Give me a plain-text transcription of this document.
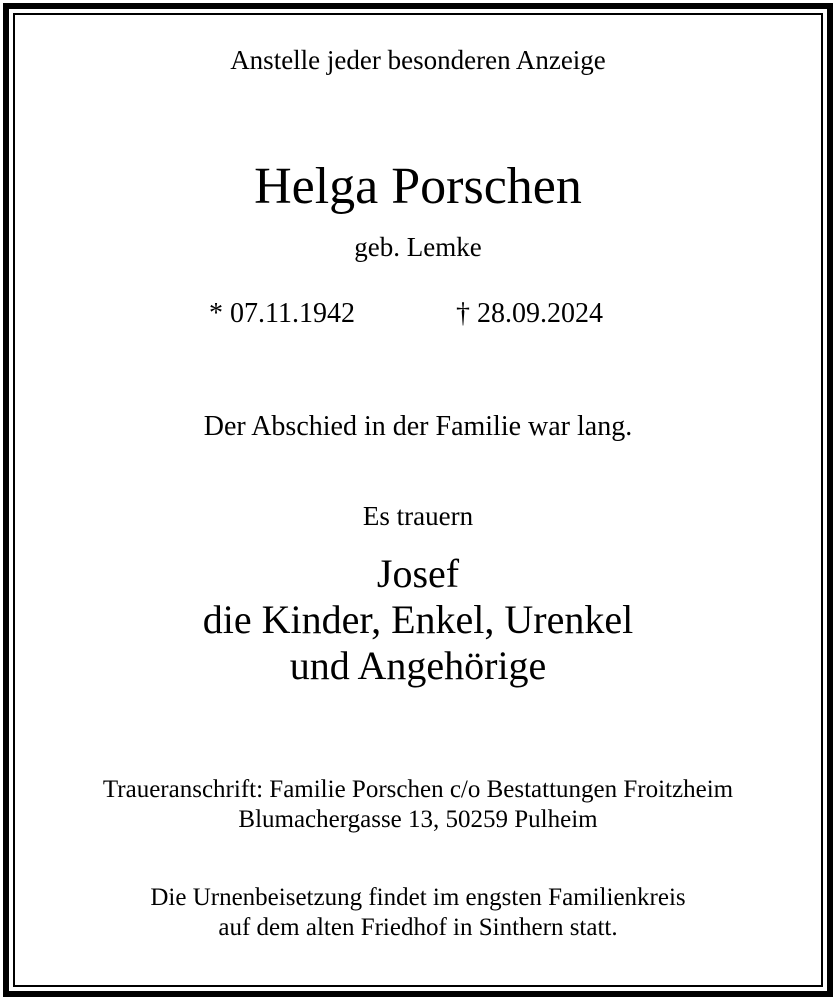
Anstelle jeder besonderen Anzeige
Helga Porschen
geb. Lemke
* 07.11.1942	† 28.09.2024
Der Abschied in der Familie war lang.
Es trauern
Josef
die Kinder, Enkel, Urenkel
und Angehörige
Traueranschrift: Familie Porschen c/o Bestattungen Froitzheim
Blumachergasse 13, 50259 Pulheim
Die Urnenbeisetzung findet im engsten Familienkreis
auf dem alten Friedhof in Sinthern statt.
